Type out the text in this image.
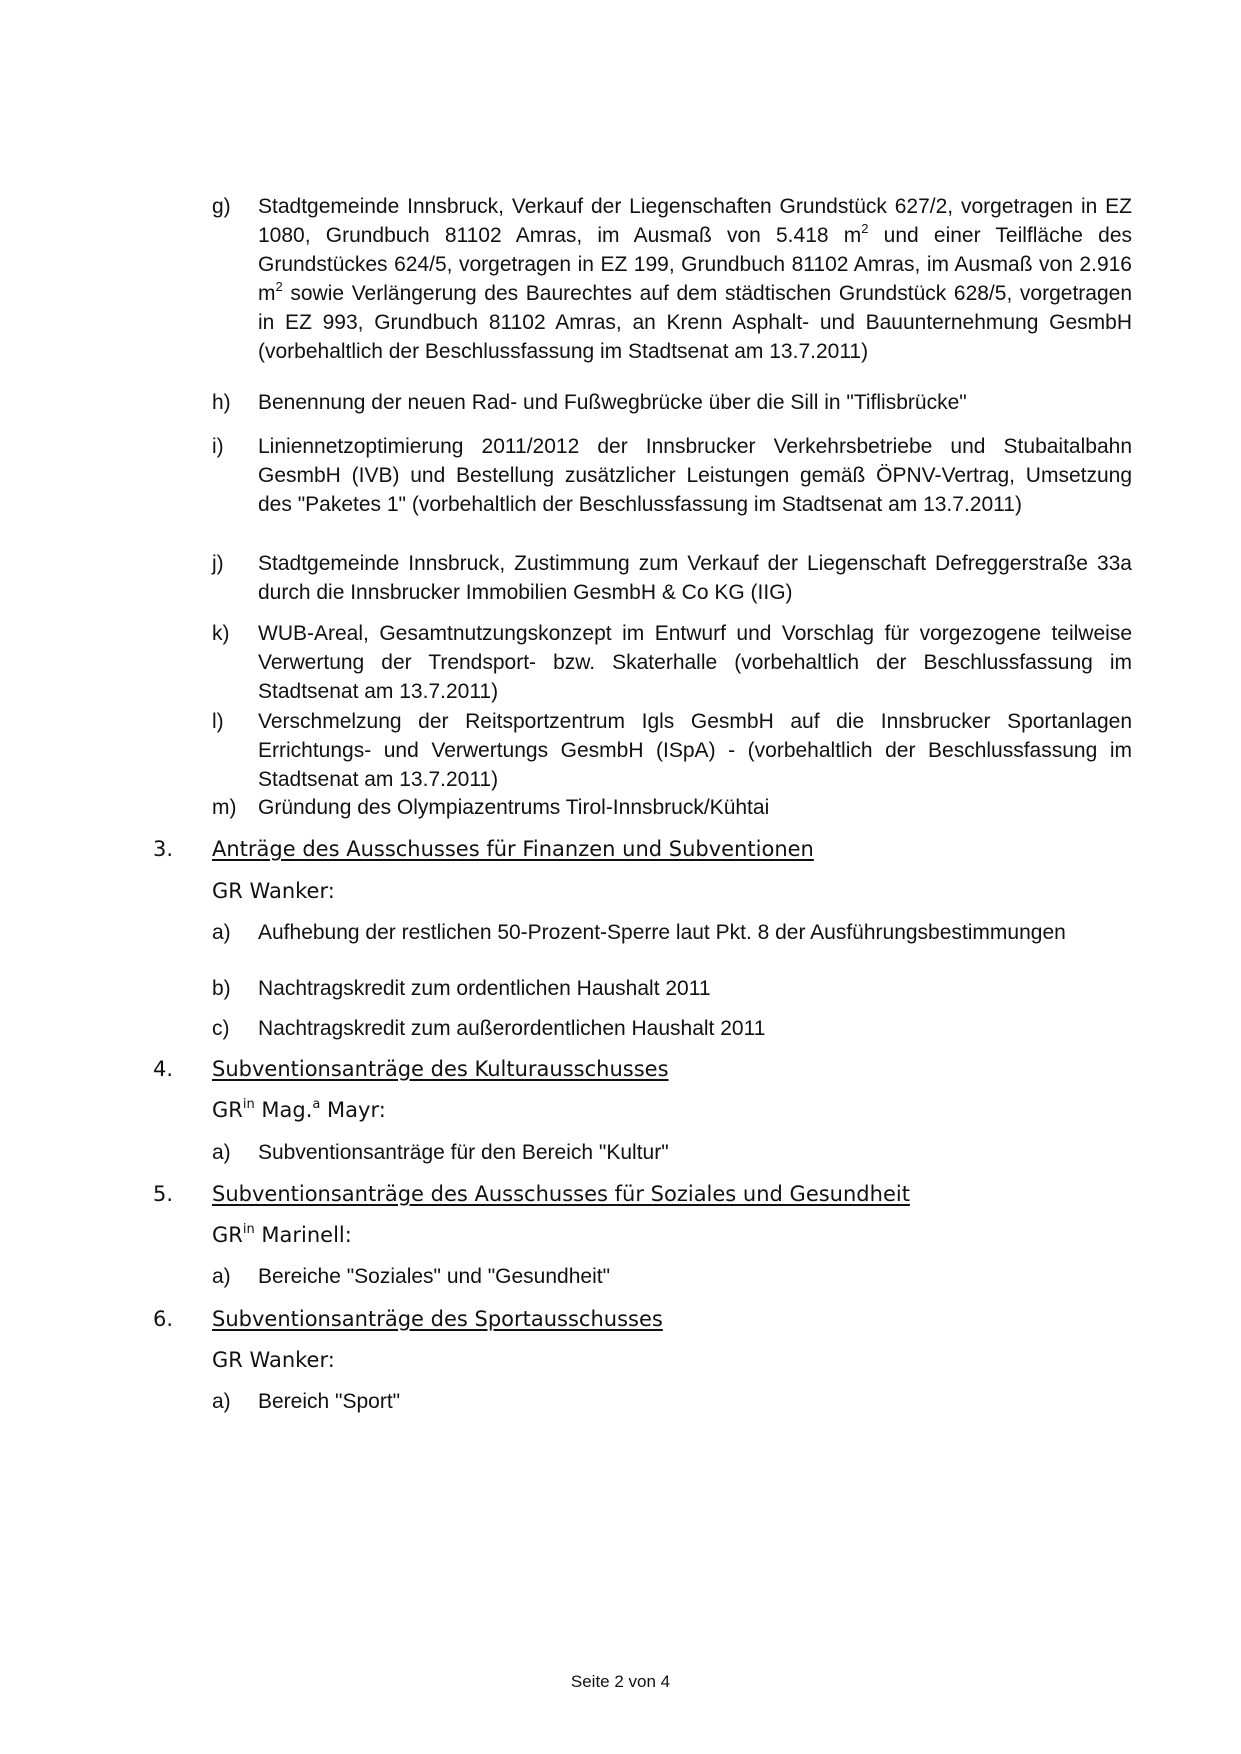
g) Stadtgemeinde Innsbruck, Verkauf der Liegenschaften Grundstück 627/2, vorgetragen in EZ 1080, Grundbuch 81102 Amras, im Ausmaß von 5.418 $m^2$ und einer Teilfläche des Grundstückes 624/5, vorgetragen in EZ 199, Grundbuch 81102 Amras, im Ausmaß von 2.916 $m^2$ sowie Verlängerung des Baurechtes auf dem städtischen Grundstück 628/5, vorgetragen in EZ 993, Grundbuch 81102 Amras, an Krenn Asphalt- und Bauunternehmung GesmbH (vorbehaltlich der Beschlussfassung im Stadtsenat am 13.7.2011)
h) Benennung der neuen Rad- und Fußwegbrücke über die Sill in "Tiflisbrücke"
i) Liniennetzoptimierung 2011/2012 der Innsbrucker Verkehrsbetriebe und Stubaitalbahn GesmbH (IVB) und Bestellung zusätzlicher Leistungen gemäß ÖPNV-Vertrag, Umsetzung des "Paketes 1" (vorbehaltlich der Beschlussfassung im Stadtsenat am 13.7.2011)
j) Stadtgemeinde Innsbruck, Zustimmung zum Verkauf der Liegenschaft Defreggerstraße 33a durch die Innsbrucker Immobilien GesmbH & Co KG (IIG)
k) WUB-Areal, Gesamtnutzungskonzept im Entwurf und Vorschlag für vorgezogene teilweise Verwertung der Trendsport- bzw. Skaterhalle (vorbehaltlich der Beschlussfassung im Stadtsenat am 13.7.2011)
l) Verschmelzung der Reitsportzentrum Igls GesmbH auf die Innsbrucker Sportanlagen Errichtungs- und Verwertungs GesmbH (ISpA) - (vorbehaltlich der Beschlussfassung im Stadtsenat am 13.7.2011)
m) Gründung des Olympiazentrums Tirol-Innsbruck/Kühtai
3. Anträge des Ausschusses für Finanzen und Subventionen
GR Wanker:
a) Aufhebung der restlichen 50-Prozent-Sperre laut Pkt. 8 der Ausführungsbestimmungen
b) Nachtragskredit zum ordentlichen Haushalt 2011
c) Nachtragskredit zum außerordentlichen Haushalt 2011
4. Subventionsanträge des Kulturausschusses
$GR^{in}$ Mag.$^a$ Mayr:
a) Subventionsanträge für den Bereich "Kultur"
5. Subventionsanträge des Ausschusses für Soziales und Gesundheit
$GR^{in}$ Marinell:
a) Bereiche "Soziales" und "Gesundheit"
6. Subventionsanträge des Sportausschusses
GR Wanker:
a) Bereich "Sport"
Seite 2 von 4
